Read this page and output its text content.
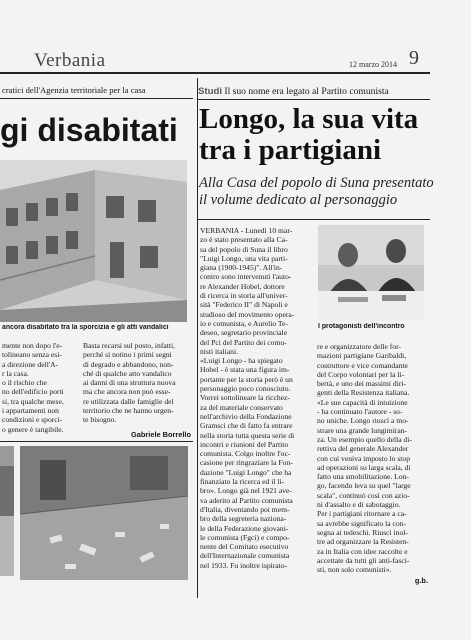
Verbania	12 marzo 2014 9
cratici dell'Agenzia territoriale per la casa
gi disabitati
ancora disabitato tra la sporcizia e gli atti vandalici
mente non dopo l'e-
tolineano senza esi-
a direzione dell'A-
r la casa.
o il rischio che
no dell'edificio porti
si, tra qualche mese,
i appartamenti non
condizioni e sporci-
o genere è tangibile.
Basta recarsi sul posto, infatti,
perché si notino i primi segni
di degrado e abbandono, non-
ché di qualche atto vandalico
ai danni di una struttura nuova
ma che ancora non può esse-
re utilizzata dalle famiglie del
territorio che ne hanno urgen-
te bisogno.
Gabriele Borrello
Studi Il suo nome era legato al Partito comunista
Longo, la sua vita
tra i partigiani
Alla Casa del popolo di Suna presentato
il volume dedicato al personaggio
I protagonisti dell'incontro
VERBANIA - Lunedì 10 mar-
zo è stato presentato alla Ca-
sa del popolo di Suna il libro
"Luigi Longo, una vita parti-
giana (1900-1945)". All'in-
contro sono intervenuti l'auto-
re Alexander Hobel, dottore
di ricerca in storia all'univer-
sità "Federico II" di Napoli e
studioso del movimento opera-
io e comunista, e Aurelio Te-
deseo, segretario provinciale
del Pci del Partito dei comu-
nisti italiani.
«Luigi Longo - ha spiegato
Hobel - è stata una figura im-
portante per la storia però è un
personaggio poco conosciuto.
Vorrei sottolineare la ricchez-
za del materiale conservato
nell'archivio della Fondazione
Gramsci che di fatto fa entrare
nella storia tutta questa serie di
incontri e riunioni del Partito
comunista. Colgo inoltre l'oc-
casione per ringraziare la Fon-
dazione "Luigi Longo" che ha
finanziato la ricerca ed il li-
bro». Longo già nel 1921 ave-
va aderito al Partito comunista
d'Italia, diventando poi mem-
bro della segreteria naziona-
le della Federazione giovani-
le comunista (Fgci) e compo-
nente del Comitato esecutivo
dell'Internazionale comunista
nel 1933. Fu inoltre ispirato-
re e organizzatore delle for-
mazioni partigiane Garibaldi,
costruttore e vice comandante
del Corpo volontari per la li-
bertà, e uno dei massimi diri-
genti della Resistenza italiana.
«Le sue capacità di intuizione
- ha continuato l'autore - so-
no uniche. Longo riuscì a mo-
strare una grande lungimiran-
za. Un esempio quello della di-
rettiva del generale Alexander
con cui veniva imposto lo stop
ad operazioni su larga scala, di
fatto una smobilitazione. Lon-
go, facendo leva su quel "large
scala", continuò così con azio-
ni d'assalto e di sabotaggio.
Per i partigiani ritornare a ca-
sa avrebbe significato la con-
segna ai tedeschi. Riuscì inol-
tre ad organizzare la Resisten-
za in Italia con idee raccolte e
accettate da tutti gli anti-fasci-
sti, non solo comunisti».
g.b.
